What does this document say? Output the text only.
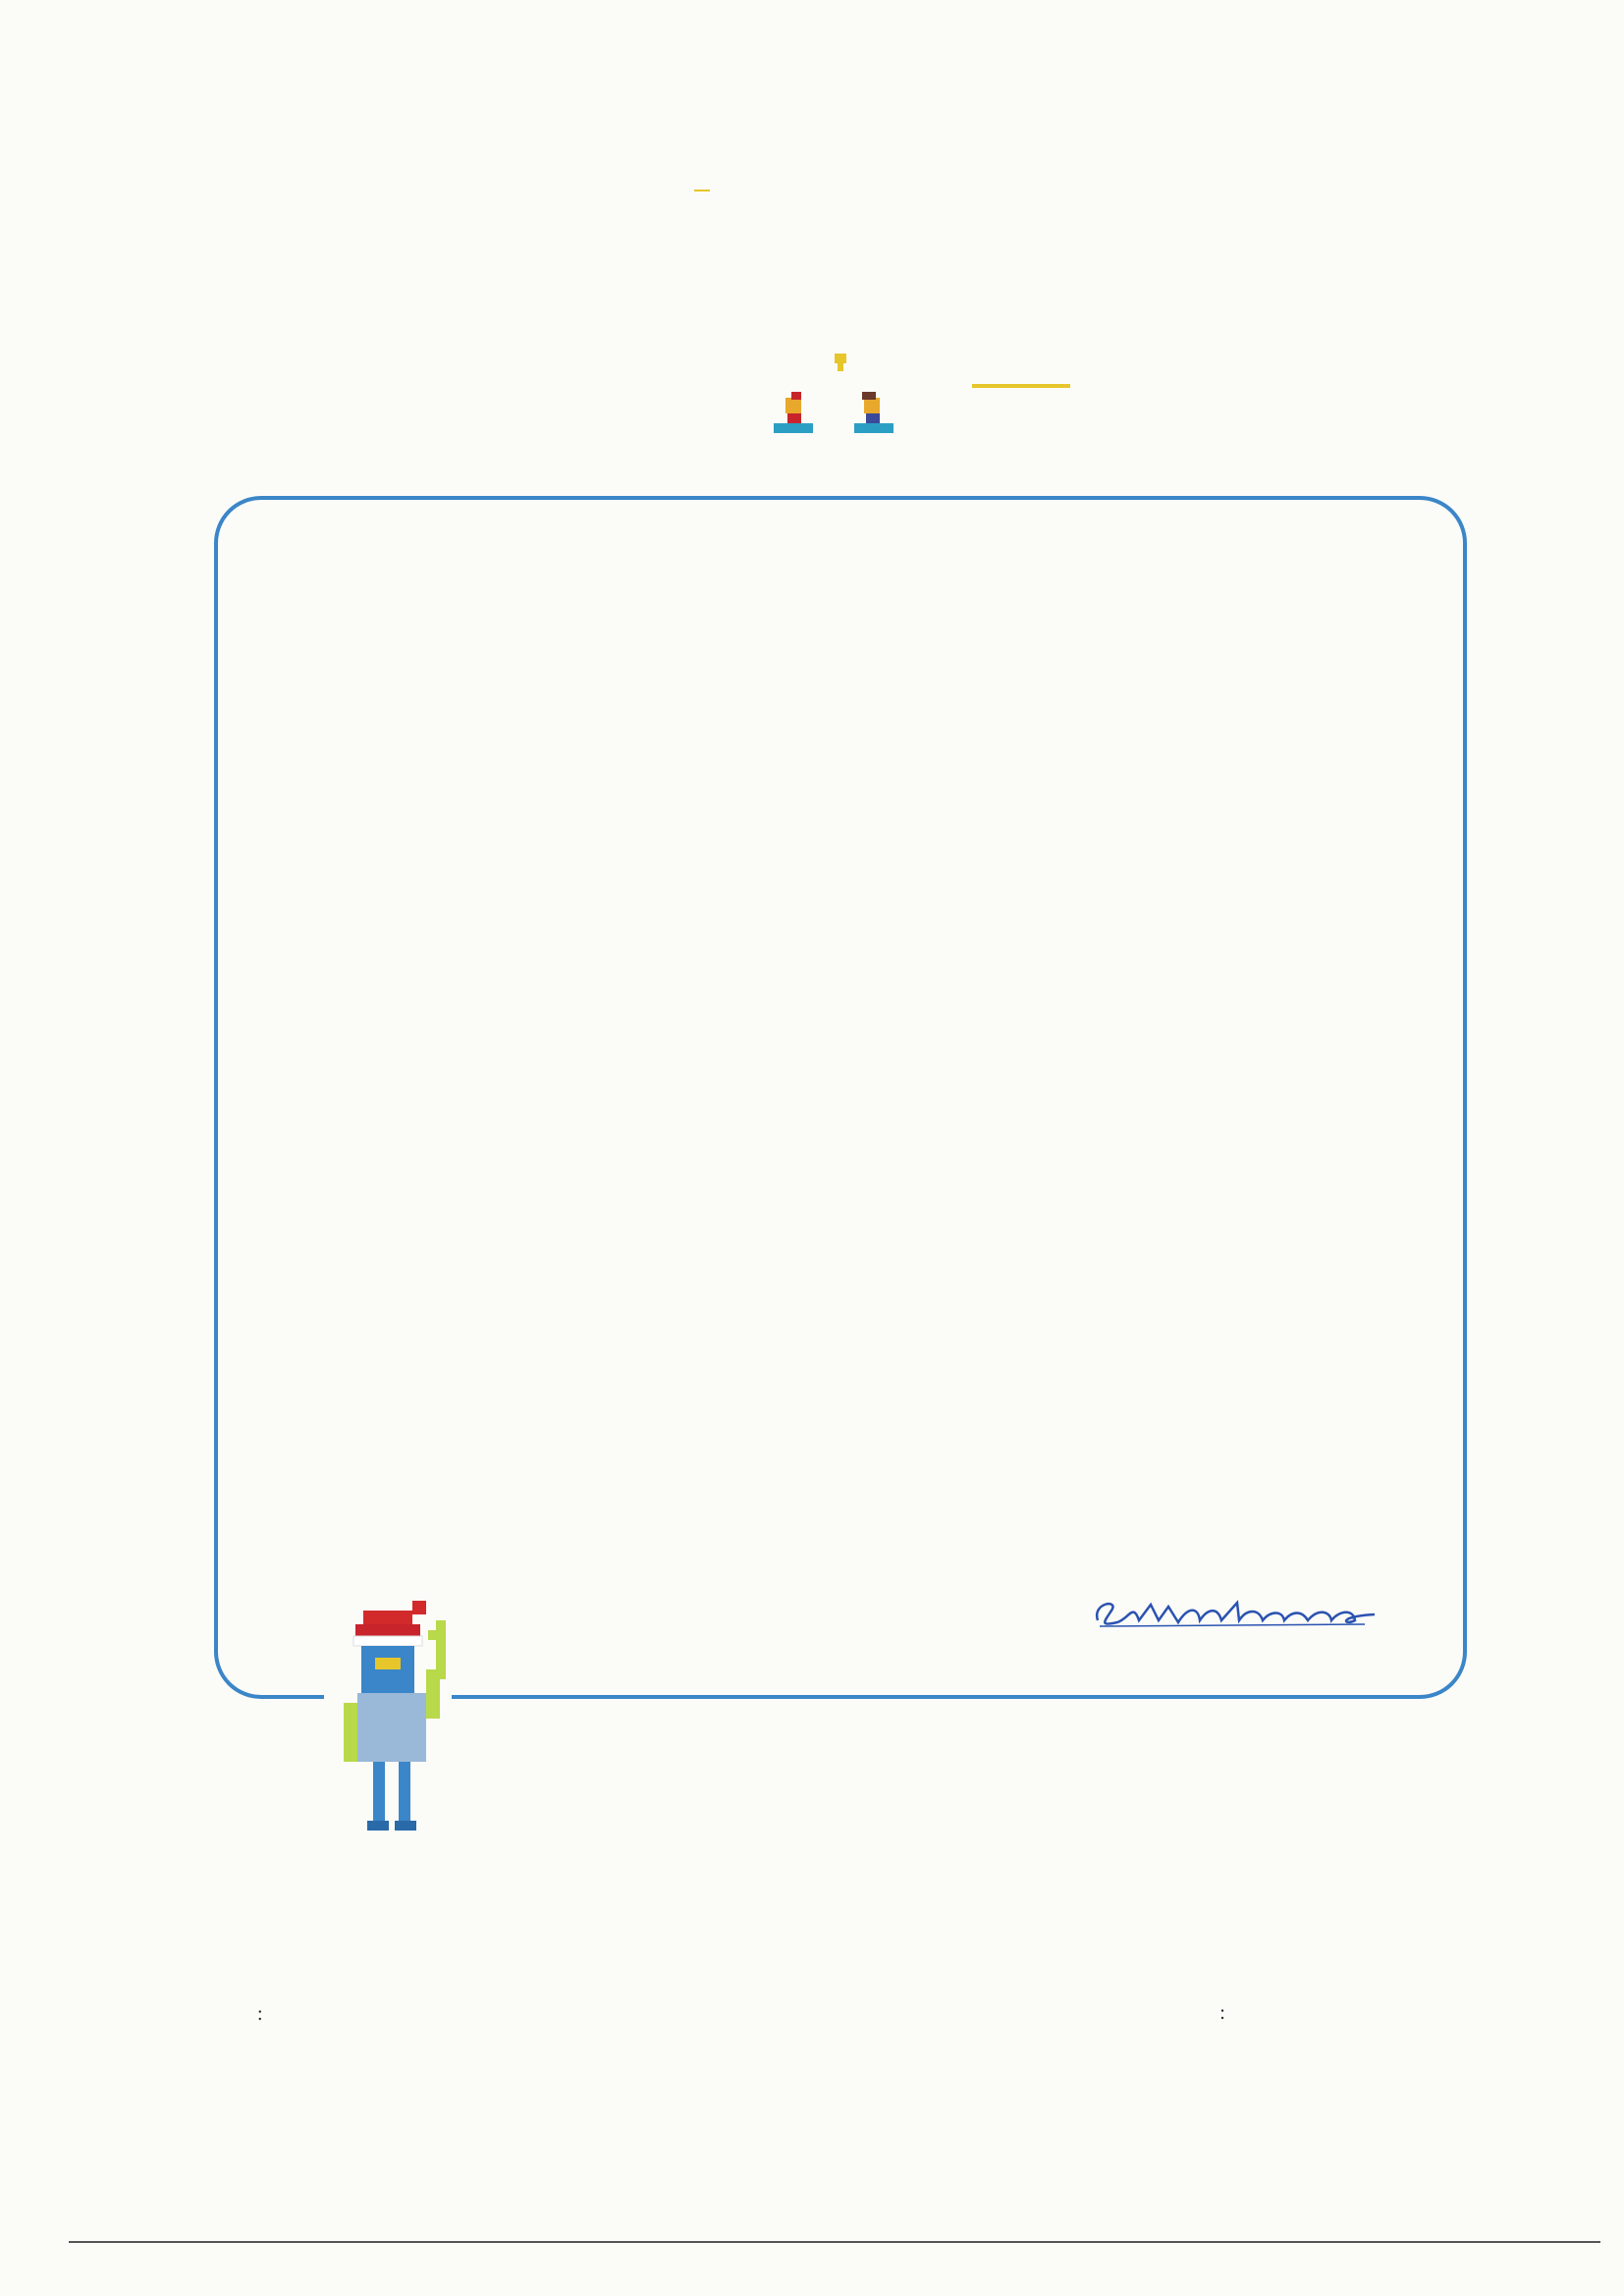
:	:
